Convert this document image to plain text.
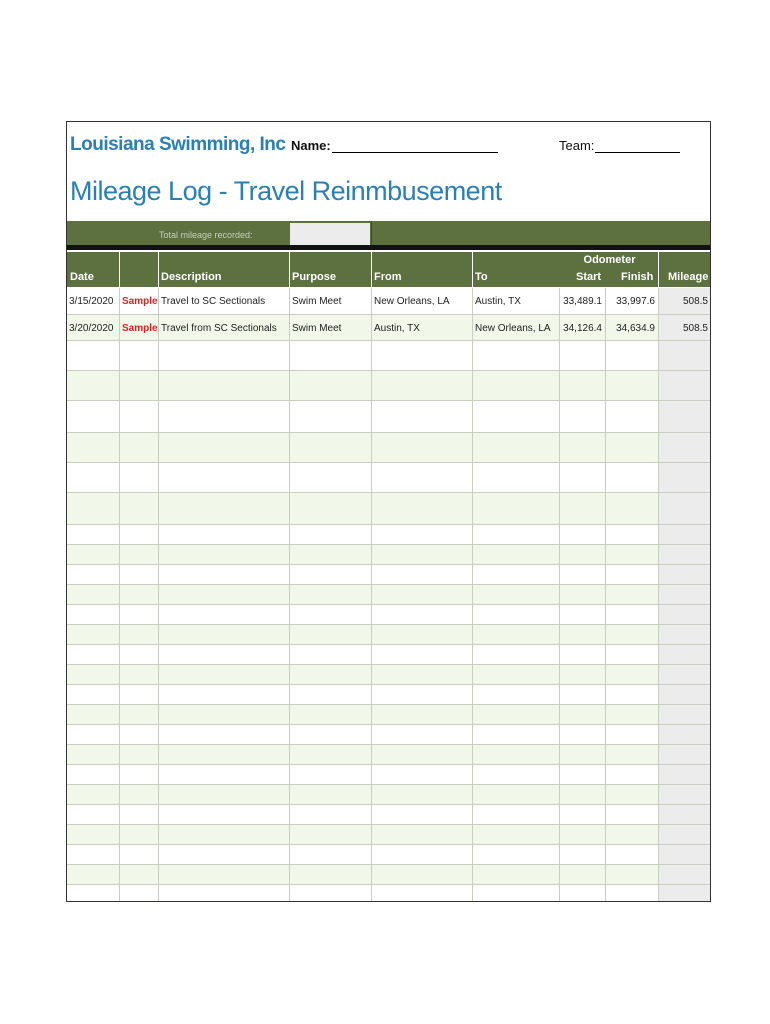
Louisiana Swimming, Inc Name:	Team:
Mileage Log - Travel Reinmbusement
Total mileage recorded:
Date	Description	Purpose	From	To
Odometer
Start Finish Mileage
3/15/2020 Sample Travel to SC Sectionals	Swim Meet	New Orleans, LA	Austin, TX	33,489.1	33,997.6	508.5
3/20/2020 Sample Travel from SC Sectionals	Swim Meet	Austin, TX	New Orleans, LA	34,126.4	34,634.9	508.5
